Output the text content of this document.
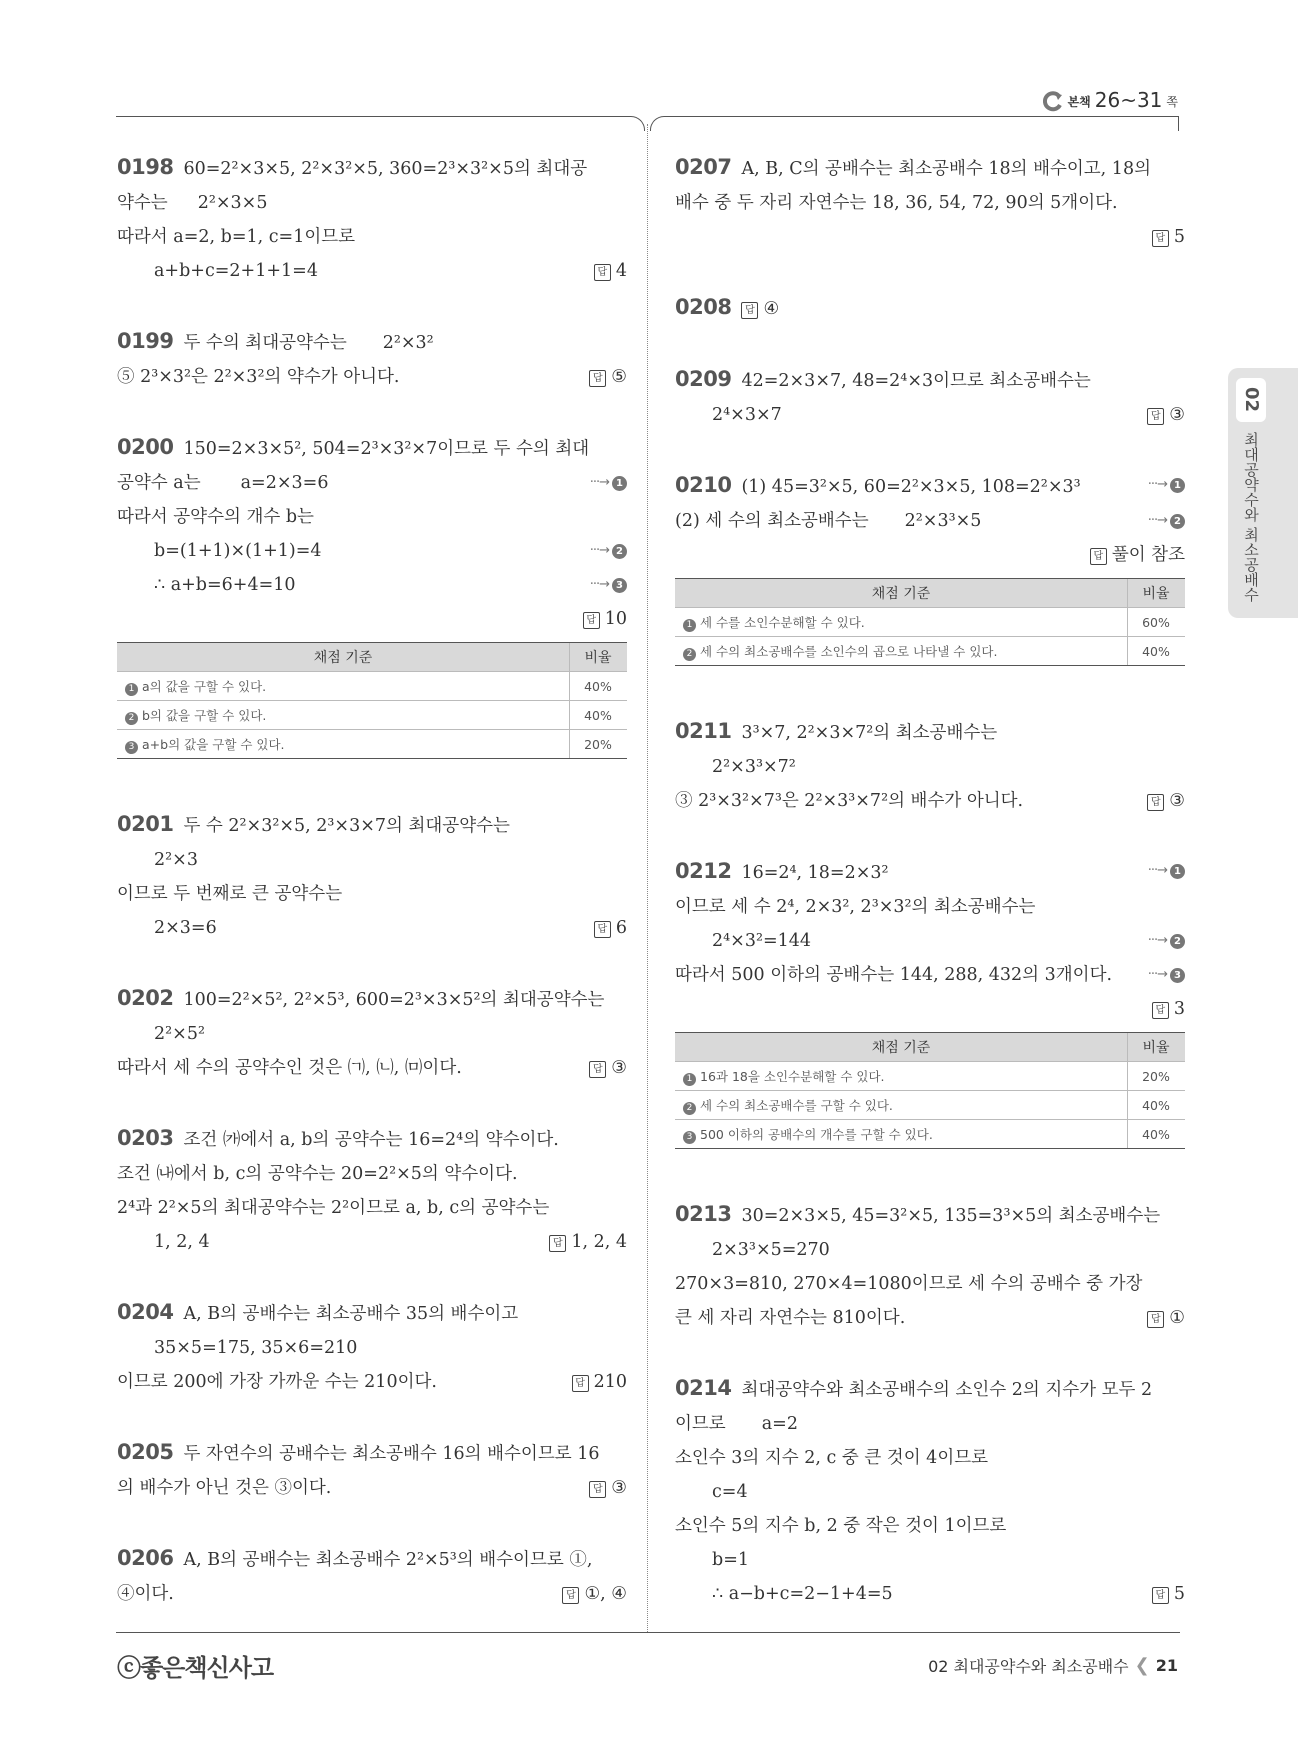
본책 26~31 쪽
02
최대공약수와 최소공배수
0198 60=2²×3×5, 2²×3²×5, 360=2³×3²×5의 최대공
약수는 2²×3×5
따라서 a=2, b=1, c=1이므로
a+b+c=2+1+1=4	답 4
0199 두 수의 최대공약수는 2²×3²
⑤ 2³×3²은 2²×3²의 약수가 아니다.	답 ⑤
0200 150=2×3×5², 504=2³×3²×7이므로 두 수의 최대
공약수 a는 a=2×3=6	···→ 1
따라서 공약수의 개수 b는
b=(1+1)×(1+1)=4	···→ 2
∴ a+b=6+4=10	···→ 3
답 10

채점 기준	비율
1 a의 값을 구할 수 있다.	40%
2 b의 값을 구할 수 있다.	40%
3 a+b의 값을 구할 수 있다.	20%
0201 두 수 2²×3²×5, 2³×3×7의 최대공약수는
2²×3
이므로 두 번째로 큰 공약수는
2×3=6	답 6
0202 100=2²×5², 2²×5³, 600=2³×3×5²의 최대공약수는
2²×5²
따라서 세 수의 공약수인 것은 ㈀, ㈁, ㈄이다.	답 ③
0203 조건 ㈎에서 a, b의 공약수는 16=2⁴의 약수이다.
조건 ㈏에서 b, c의 공약수는 20=2²×5의 약수이다.
2⁴과 2²×5의 최대공약수는 2²이므로 a, b, c의 공약수는
1, 2, 4	답 1, 2, 4
0204 A, B의 공배수는 최소공배수 35의 배수이고
35×5=175, 35×6=210
이므로 200에 가장 가까운 수는 210이다.	답 210
0205 두 자연수의 공배수는 최소공배수 16의 배수이므로 16
의 배수가 아닌 것은 ③이다.	답 ③
0206 A, B의 공배수는 최소공배수 2²×5³의 배수이므로 ①,
④이다.	답 ①, ④
0207 A, B, C의 공배수는 최소공배수 18의 배수이고, 18의
배수 중 두 자리 자연수는 18, 36, 54, 72, 90의 5개이다.
답 5

0208 답 ④
0209 42=2×3×7, 48=2⁴×3이므로 최소공배수는
2⁴×3×7	답 ③
0210 (1) 45=3²×5, 60=2²×3×5, 108=2²×3³	···→ 1
(2) 세 수의 최소공배수는 2²×3³×5	···→ 2
답 풀이 참조

채점 기준	비율
1 세 수를 소인수분해할 수 있다.	60%
2 세 수의 최소공배수를 소인수의 곱으로 나타낼 수 있다.	40%
0211 3³×7, 2²×3×7²의 최소공배수는
2²×3³×7²
③ 2³×3²×7³은 2²×3³×7²의 배수가 아니다.	답 ③
0212 16=2⁴, 18=2×3²	···→ 1
이므로 세 수 2⁴, 2×3², 2³×3²의 최소공배수는
2⁴×3²=144	···→ 2
따라서 500 이하의 공배수는 144, 288, 432의 3개이다.	···→ 3
답 3

채점 기준	비율
1 16과 18을 소인수분해할 수 있다.	20%
2 세 수의 최소공배수를 구할 수 있다.	40%
3 500 이하의 공배수의 개수를 구할 수 있다.	40%
0213 30=2×3×5, 45=3²×5, 135=3³×5의 최소공배수는
2×3³×5=270
270×3=810, 270×4=1080이므로 세 수의 공배수 중 가장
큰 세 자리 자연수는 810이다.	답 ①
0214 최대공약수와 최소공배수의 소인수 2의 지수가 모두 2
이므로 a=2
소인수 3의 지수 2, c 중 큰 것이 4이므로
c=4
소인수 5의 지수 b, 2 중 작은 것이 1이므로
b=1
∴ a−b+c=2−1+4=5	답 5
ⓒ좋은책신사고	02 최대공약수와 최소공배수 ❮ 21
